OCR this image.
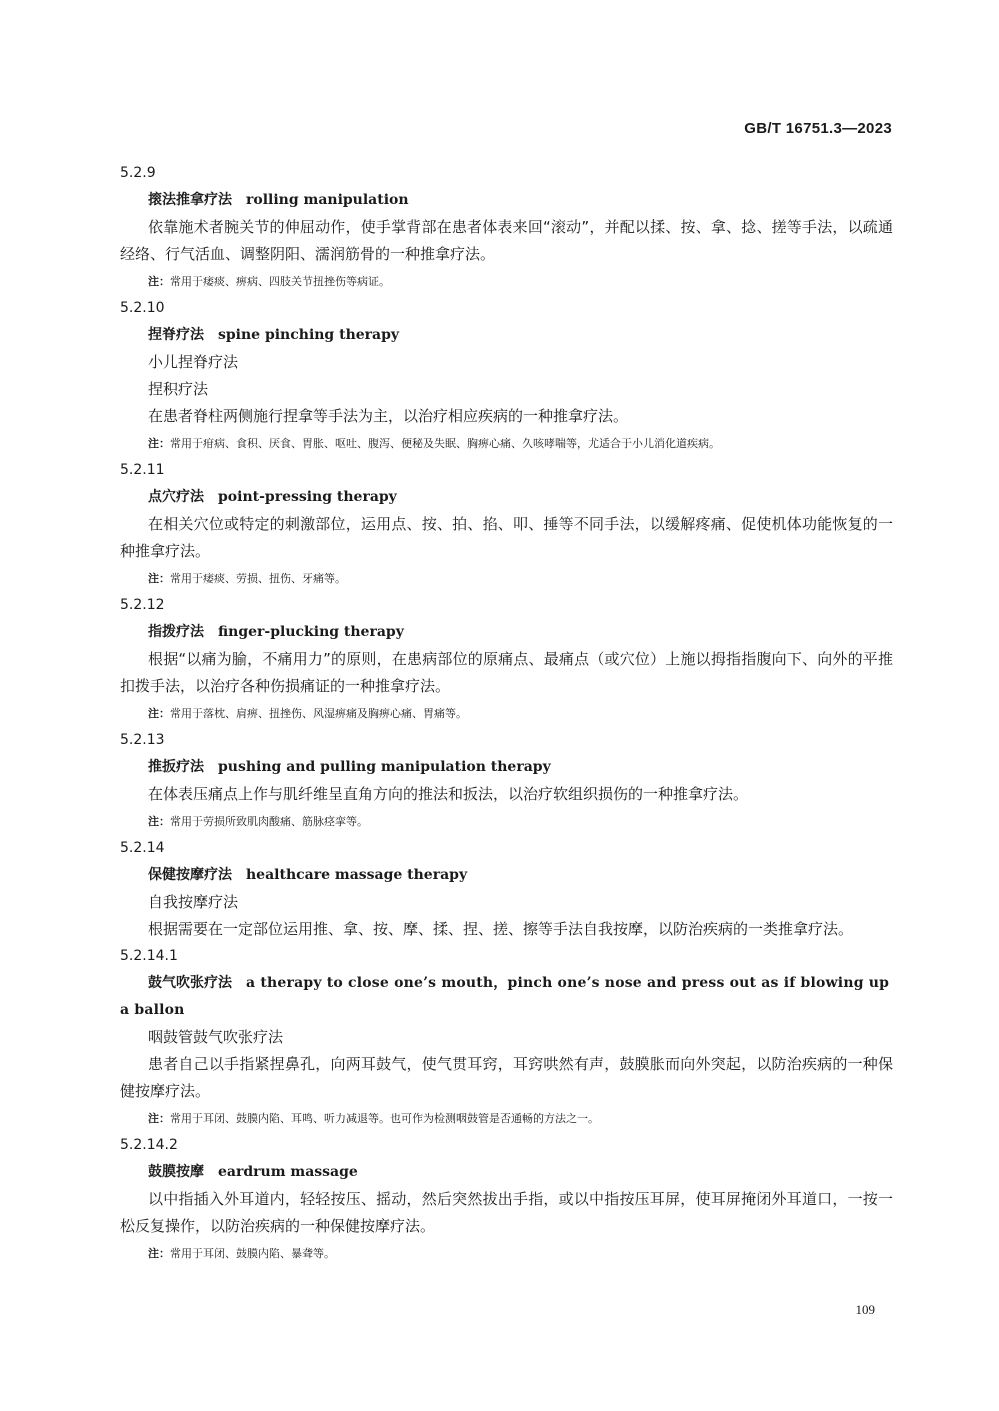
GB/T 16751.3—2023
5.2.9
㨰法推拿疗法 rolling manipulation
依靠施术者腕关节的伸屈动作，使手掌背部在患者体表来回“滚动”，并配以揉、按、拿、捻、搓等手法，以疏通经络、行气活血、调整阴阳、濡润筋骨的一种推拿疗法。
注：常用于痿痰、痹病、四肢关节扭挫伤等病证。
5.2.10
捏脊疗法 spine pinching therapy
小儿捏脊疗法
捏积疗法
在患者脊柱两侧施行捏拿等手法为主，以治疗相应疾病的一种推拿疗法。
注：常用于疳病、食积、厌食、胃胀、呕吐、腹泻、便秘及失眠、胸痹心痛、久咳哮喘等，尤适合于小儿消化道疾病。
5.2.11
点穴疗法 point-pressing therapy
在相关穴位或特定的刺激部位，运用点、按、拍、掐、叩、捶等不同手法，以缓解疼痛、促使机体功能恢复的一种推拿疗法。
注：常用于痿痰、劳损、扭伤、牙痛等。
5.2.12
指拨疗法 finger-plucking therapy
根据“以痛为腧，不痛用力”的原则，在患病部位的原痛点、最痛点（或穴位）上施以拇指指腹向下、向外的平推扣拨手法，以治疗各种伤损痛证的一种推拿疗法。
注：常用于落枕、肩痹、扭挫伤、风湿痹痛及胸痹心痛、胃痛等。
5.2.13
推扳疗法 pushing and pulling manipulation therapy
在体表压痛点上作与肌纤维呈直角方向的推法和扳法，以治疗软组织损伤的一种推拿疗法。
注：常用于劳损所致肌肉酸痛、筋脉痉挛等。
5.2.14
保健按摩疗法 healthcare massage therapy
自我按摩疗法
根据需要在一定部位运用推、拿、按、摩、揉、捏、搓、擦等手法自我按摩，以防治疾病的一类推拿疗法。
5.2.14.1
鼓气吹张疗法 a therapy to close one’s mouth，pinch one’s nose and press out as if blowing up a ballon
咽鼓管鼓气吹张疗法
患者自己以手指紧捏鼻孔，向两耳鼓气，使气贯耳窍，耳窍哄然有声，鼓膜胀而向外突起，以防治疾病的一种保健按摩疗法。
注：常用于耳闭、鼓膜内陷、耳鸣、听力减退等。也可作为检测咽鼓管是否通畅的方法之一。
5.2.14.2
鼓膜按摩 eardrum massage
以中指插入外耳道内，轻轻按压、摇动，然后突然拔出手指，或以中指按压耳屏，使耳屏掩闭外耳道口，一按一松反复操作，以防治疾病的一种保健按摩疗法。
注：常用于耳闭、鼓膜内陷、暴聋等。
109
